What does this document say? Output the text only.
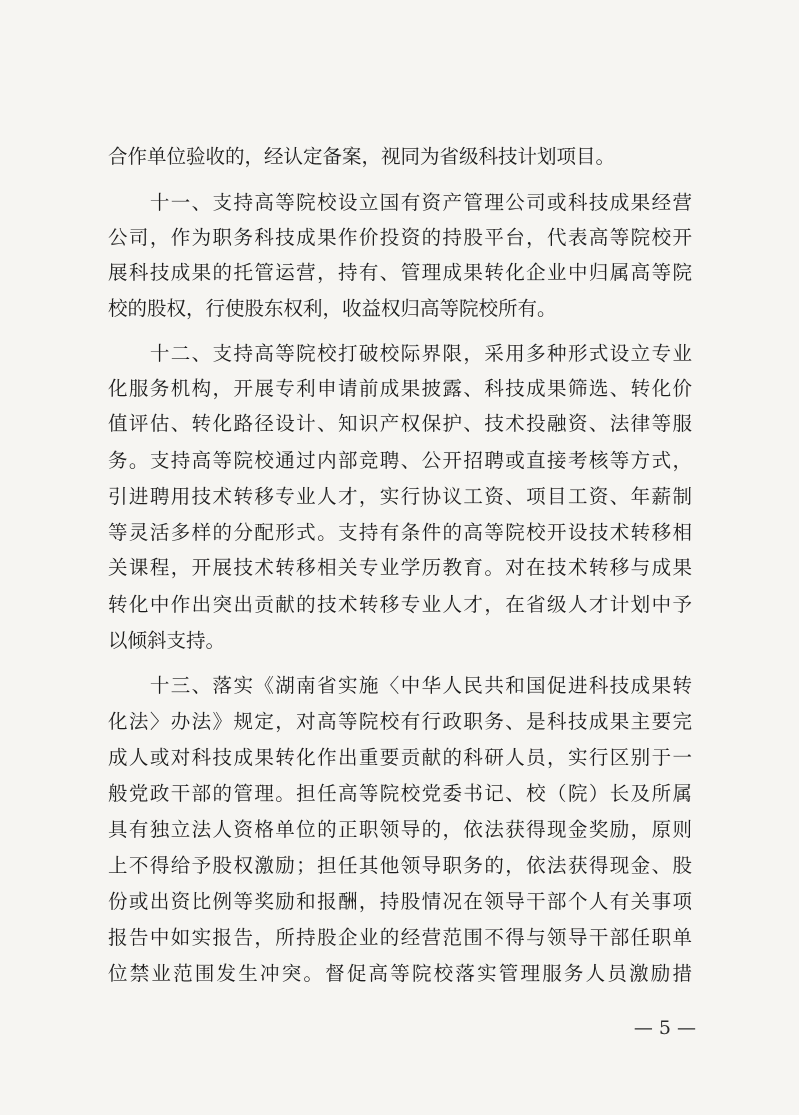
合作单位验收的，经认定备案，视同为省级科技计划项目。
　　十一、支持高等院校设立国有资产管理公司或科技成果经营
公司，作为职务科技成果作价投资的持股平台，代表高等院校开
展科技成果的托管运营，持有、管理成果转化企业中归属高等院
校的股权，行使股东权利，收益权归高等院校所有。
　　十二、支持高等院校打破校际界限，采用多种形式设立专业
化服务机构，开展专利申请前成果披露、科技成果筛选、转化价
值评估、转化路径设计、知识产权保护、技术投融资、法律等服
务。支持高等院校通过内部竞聘、公开招聘或直接考核等方式，
引进聘用技术转移专业人才，实行协议工资、项目工资、年薪制
等灵活多样的分配形式。支持有条件的高等院校开设技术转移相
关课程，开展技术转移相关专业学历教育。对在技术转移与成果
转化中作出突出贡献的技术转移专业人才，在省级人才计划中予
以倾斜支持。
　　十三、落实《湖南省实施〈中华人民共和国促进科技成果转
化法〉办法》规定，对高等院校有行政职务、是科技成果主要完
成人或对科技成果转化作出重要贡献的科研人员，实行区别于一
般党政干部的管理。担任高等院校党委书记、校（院）长及所属
具有独立法人资格单位的正职领导的，依法获得现金奖励，原则
上不得给予股权激励；担任其他领导职务的，依法获得现金、股
份或出资比例等奖励和报酬，持股情况在领导干部个人有关事项
报告中如实报告，所持股企业的经营范围不得与领导干部任职单
位禁业范围发生冲突。督促高等院校落实管理服务人员激励措
— 5 —
